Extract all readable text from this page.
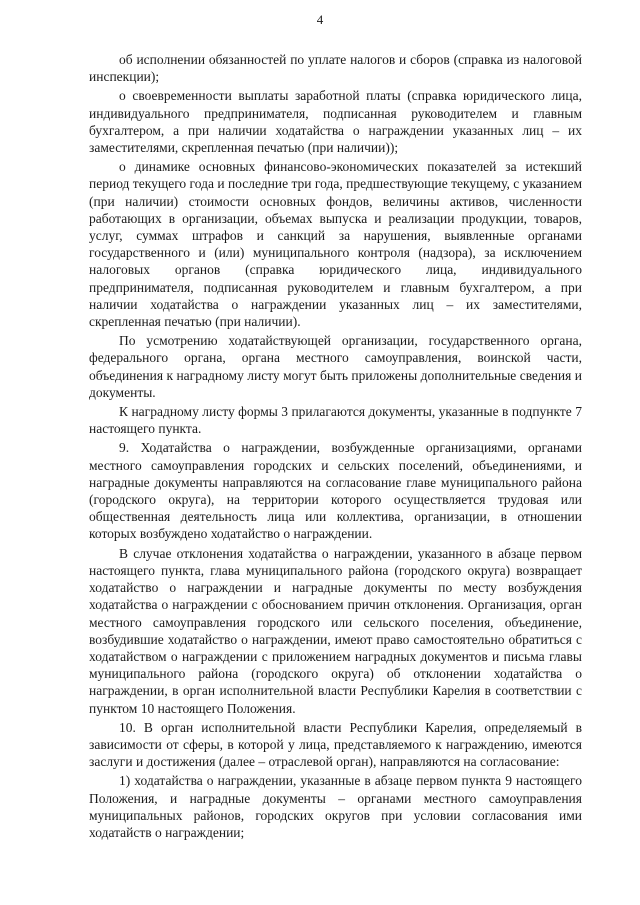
4

об исполнении обязанностей по уплате налогов и сборов (справка из налоговой инспекции);

о своевременности выплаты заработной платы (справка юридического лица, индивидуального предпринимателя, подписанная руководителем и главным бухгалтером, а при наличии ходатайства о награждении указанных лиц – их заместителями, скрепленная печатью (при наличии));

о динамике основных финансово-экономических показателей за истекший период текущего года и последние три года, предшествующие текущему, с указанием (при наличии) стоимости основных фондов, величины активов, численности работающих в организации, объемах выпуска и реализации продукции, товаров, услуг, суммах штрафов и санкций за нарушения, выявленные органами государственного и (или) муниципального контроля (надзора), за исключением налоговых органов (справка юридического лица, индивидуального предпринимателя, подписанная руководителем и главным бухгалтером, а при наличии ходатайства о награждении указанных лиц – их заместителями, скрепленная печатью (при наличии).

По усмотрению ходатайствующей организации, государственного органа, федерального органа, органа местного самоуправления, воинской части, объединения к наградному листу могут быть приложены дополнительные сведения и документы.

К наградному листу формы 3 прилагаются документы, указанные в подпункте 7 настоящего пункта.

9. Ходатайства о награждении, возбужденные организациями, органами местного самоуправления городских и сельских поселений, объединениями, и наградные документы направляются на согласование главе муниципального района (городского округа), на территории которого осуществляется трудовая или общественная деятельность лица или коллектива, организации, в отношении которых возбуждено ходатайство о награждении.

В случае отклонения ходатайства о награждении, указанного в абзаце первом настоящего пункта, глава муниципального района (городского округа) возвращает ходатайство о награждении и наградные документы по месту возбуждения ходатайства о награждении с обоснованием причин отклонения. Организация, орган местного самоуправления городского или сельского поселения, объединение, возбудившие ходатайство о награждении, имеют право самостоятельно обратиться с ходатайством о награждении с приложением наградных документов и письма главы муниципального района (городского округа) об отклонении ходатайства о награждении, в орган исполнительной власти Республики Карелия в соответствии с пунктом 10 настоящего Положения.

10. В орган исполнительной власти Республики Карелия, определяемый в зависимости от сферы, в которой у лица, представляемого к награждению, имеются заслуги и достижения (далее – отраслевой орган), направляются на согласование:

1) ходатайства о награждении, указанные в абзаце первом пункта 9 настоящего Положения, и наградные документы – органами местного самоуправления муниципальных районов, городских округов при условии согласования ими ходатайств о награждении;
